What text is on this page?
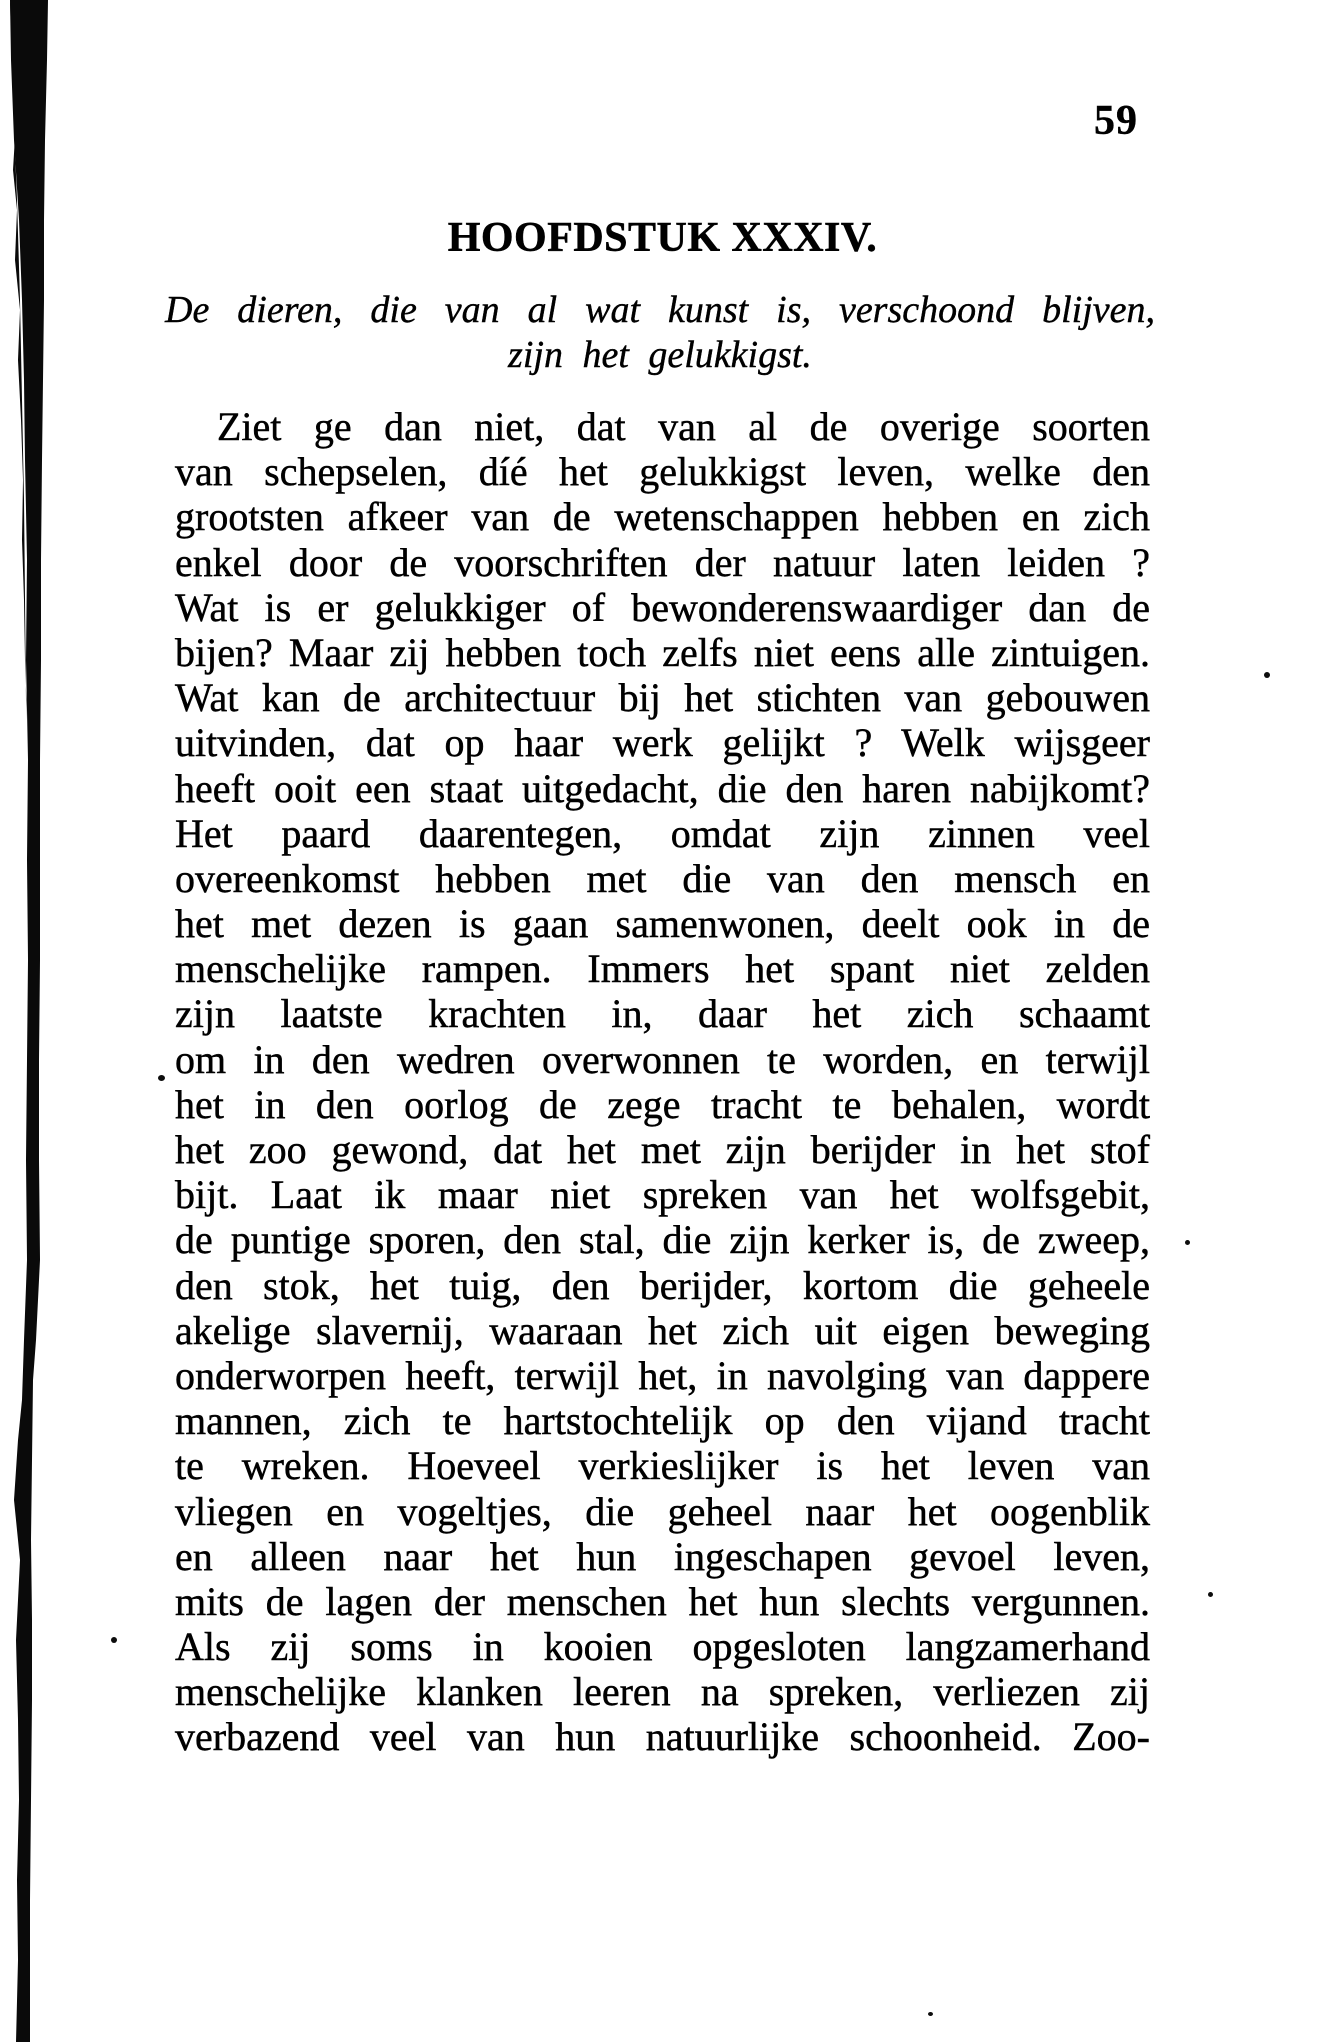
59
HOOFDSTUK XXXIV.
De dieren, die van al wat kunst is, verschoond blijven,
zijn het gelukkigst.
Ziet ge dan niet, dat van al de overige soorten
van schepselen, díé het gelukkigst leven, welke den
grootsten afkeer van de wetenschappen hebben en zich
enkel door de voorschriften der natuur laten leiden ?
Wat is er gelukkiger of bewonderenswaardiger dan de
bijen? Maar zij hebben toch zelfs niet eens alle zintuigen.
Wat kan de architectuur bij het stichten van gebouwen
uitvinden, dat op haar werk gelijkt ? Welk wijsgeer
heeft ooit een staat uitgedacht, die den haren nabijkomt?
Het paard daarentegen, omdat zijn zinnen veel
overeenkomst hebben met die van den mensch en
het met dezen is gaan samenwonen, deelt ook in de
menschelijke rampen. Immers het spant niet zelden
zijn laatste krachten in, daar het zich schaamt
om in den wedren overwonnen te worden, en terwijl
het in den oorlog de zege tracht te behalen, wordt
het zoo gewond, dat het met zijn berijder in het stof
bijt. Laat ik maar niet spreken van het wolfsgebit,
de puntige sporen, den stal, die zijn kerker is, de zweep,
den stok, het tuig, den berijder, kortom die geheele
akelige slavernij, waaraan het zich uit eigen beweging
onderworpen heeft, terwijl het, in navolging van dappere
mannen, zich te hartstochtelijk op den vijand tracht
te wreken. Hoeveel verkieslijker is het leven van
vliegen en vogeltjes, die geheel naar het oogenblik
en alleen naar het hun ingeschapen gevoel leven,
mits de lagen der menschen het hun slechts vergunnen.
Als zij soms in kooien opgesloten langzamerhand
menschelijke klanken leeren na spreken, verliezen zij
verbazend veel van hun natuurlijke schoonheid. Zoo-
